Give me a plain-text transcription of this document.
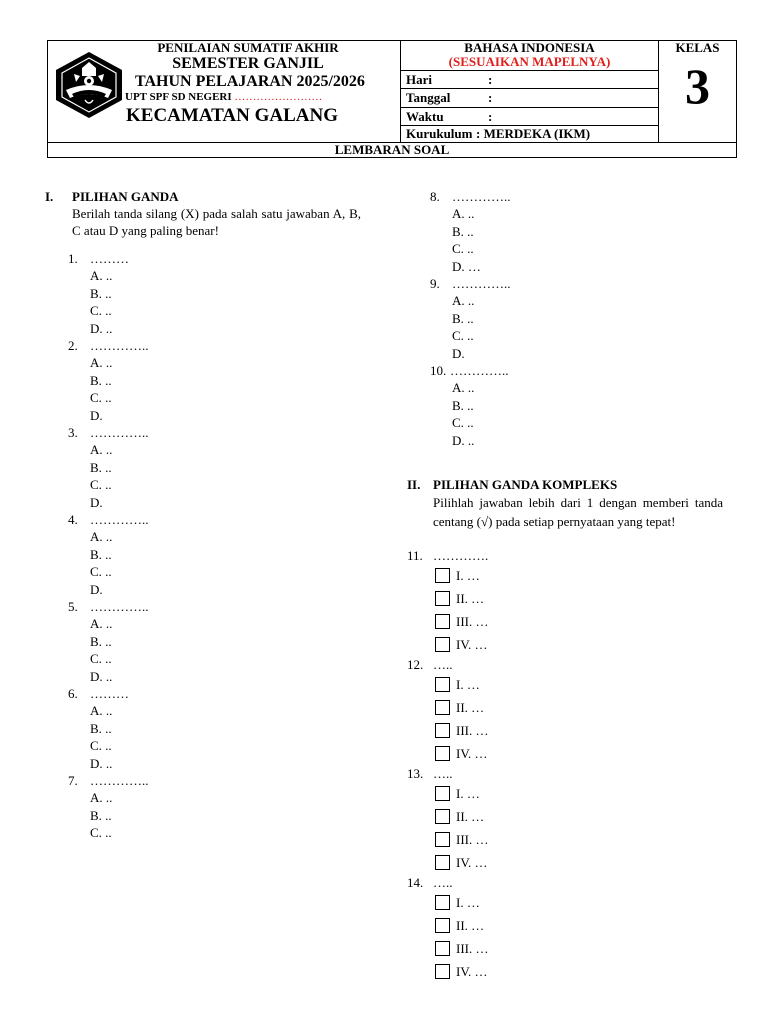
PENILAIAN SUMATIF AKHIR
SEMESTER GANJIL
TAHUN PELAJARAN 2025/2026
UPT SPF SD NEGERI ……………………
KECAMATAN GALANG
BAHASA INDONESIA
(SESUAIKAN MAPELNYA)
Hari	:
Tanggal	:
Waktu	:
Kurukulum : MERDEKA (IKM)
KELAS
3
LEMBARAN SOAL
I. PILIHAN GANDA
Berilah tanda silang (X) pada salah satu jawaban A, B, C atau D yang paling benar!
1. ………
A. ..
B. ..
C. ..
D. ..
2. …………..
A. ..
B. ..
C. ..
D.
3. …………..
A. ..
B. ..
C. ..
D.
4. …………..
A. ..
B. ..
C. ..
D.
5. …………..
A. ..
B. ..
C. ..
D. ..
6. ………
A. ..
B. ..
C. ..
D. ..
7. …………..
A. ..
B. ..
C. ..
8. …………..
A. ..
B. ..
C. ..
D. …
9. …………..
A. ..
B. ..
C. ..
D.
10. …………..
A. ..
B. ..
C. ..
D. ..
II. PILIHAN GANDA KOMPLEKS
Pilihlah jawaban lebih dari 1 dengan memberi tanda centang (√) pada setiap pernyataan yang tepat!
11. ………….
I. …
II. …
III. …
IV. …
12. …..
I. …
II. …
III. …
IV. …
13. …..
I. …
II. …
III. …
IV. …
14. …..
I. …
II. …
III. …
IV. …
